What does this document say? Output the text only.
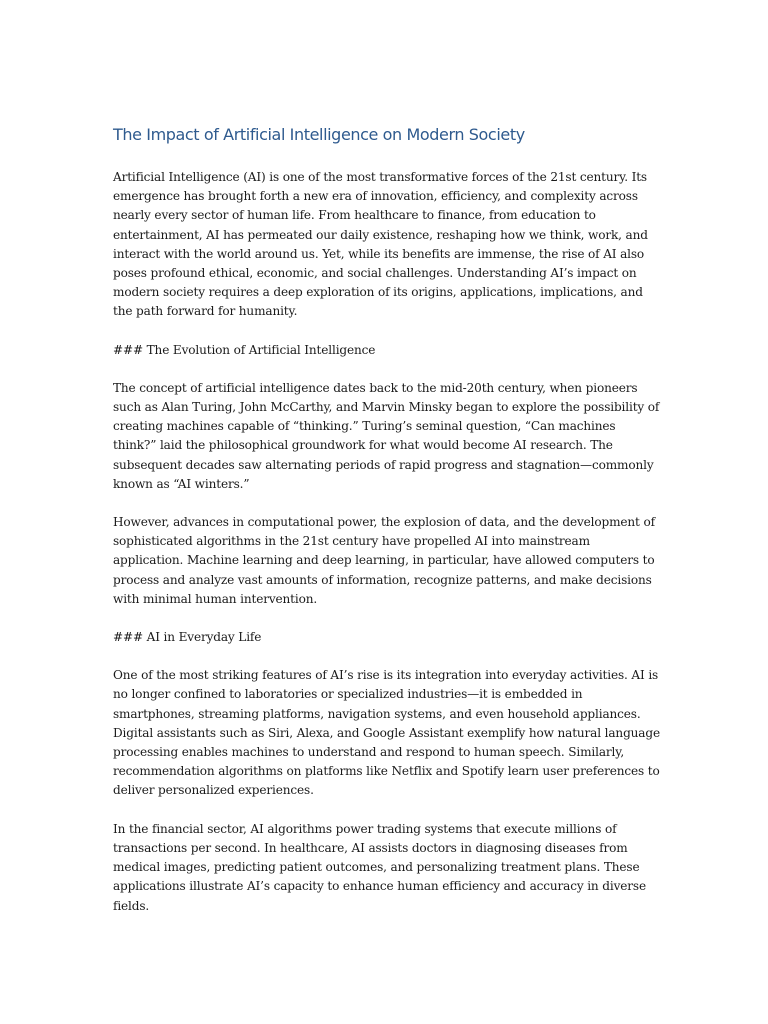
The Impact of Artificial Intelligence on Modern Society

Artificial Intelligence (AI) is one of the most transformative forces of the 21st century. Its emergence has brought forth a new era of innovation, efficiency, and complexity across nearly every sector of human life. From healthcare to finance, from education to entertainment, AI has permeated our daily existence, reshaping how we think, work, and interact with the world around us. Yet, while its benefits are immense, the rise of AI also poses profound ethical, economic, and social challenges. Understanding AI’s impact on modern society requires a deep exploration of its origins, applications, implications, and the path forward for humanity.

### The Evolution of Artificial Intelligence

The concept of artificial intelligence dates back to the mid-20th century, when pioneers such as Alan Turing, John McCarthy, and Marvin Minsky began to explore the possibility of creating machines capable of “thinking.” Turing’s seminal question, “Can machines think?” laid the philosophical groundwork for what would become AI research. The subsequent decades saw alternating periods of rapid progress and stagnation—commonly known as “AI winters.”

However, advances in computational power, the explosion of data, and the development of sophisticated algorithms in the 21st century have propelled AI into mainstream application. Machine learning and deep learning, in particular, have allowed computers to process and analyze vast amounts of information, recognize patterns, and make decisions with minimal human intervention.

### AI in Everyday Life

One of the most striking features of AI’s rise is its integration into everyday activities. AI is no longer confined to laboratories or specialized industries—it is embedded in smartphones, streaming platforms, navigation systems, and even household appliances. Digital assistants such as Siri, Alexa, and Google Assistant exemplify how natural language processing enables machines to understand and respond to human speech. Similarly, recommendation algorithms on platforms like Netflix and Spotify learn user preferences to deliver personalized experiences.

In the financial sector, AI algorithms power trading systems that execute millions of transactions per second. In healthcare, AI assists doctors in diagnosing diseases from medical images, predicting patient outcomes, and personalizing treatment plans. These applications illustrate AI’s capacity to enhance human efficiency and accuracy in diverse fields.
